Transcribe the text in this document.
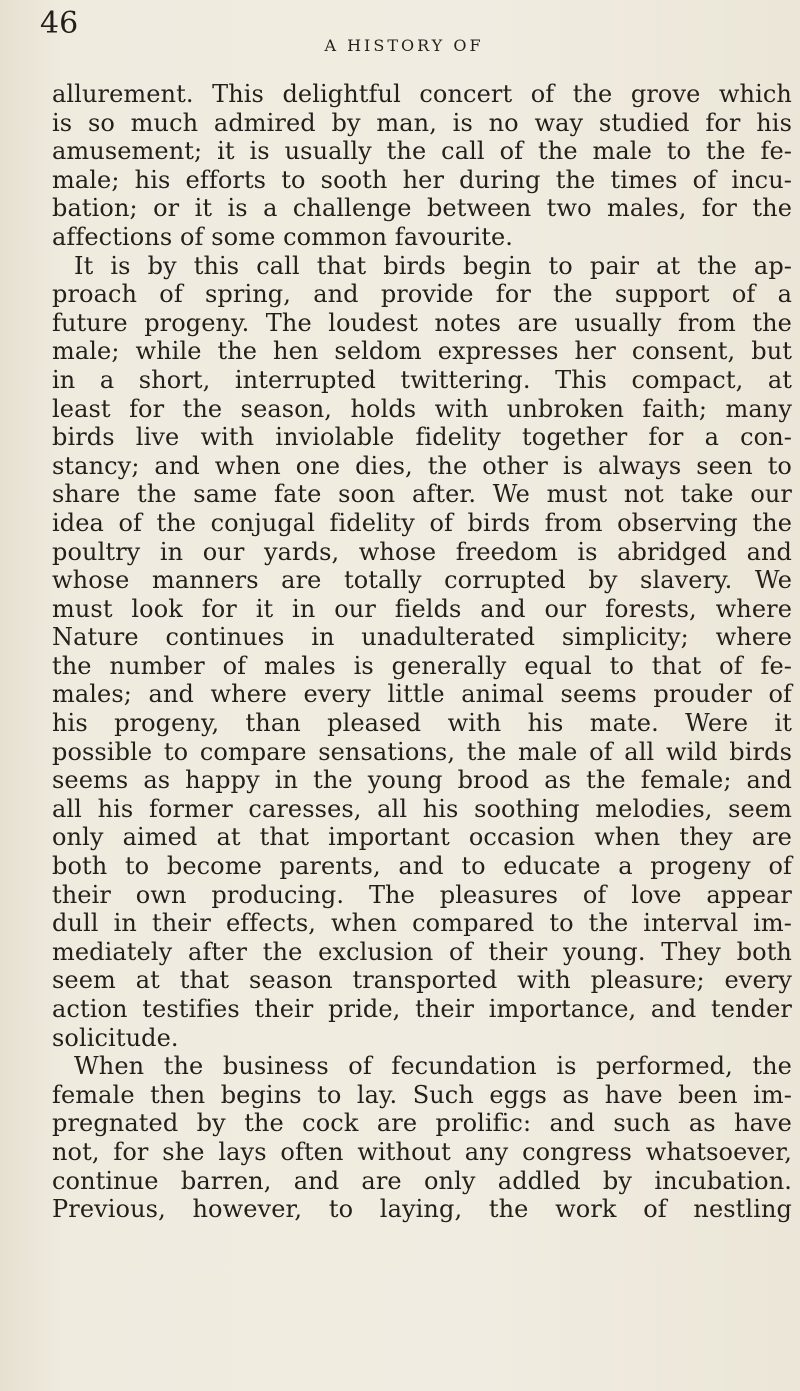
46
A HISTORY OF
allurement. This delightful concert of the grove which
is so much admired by man, is no way studied for his
amusement; it is usually the call of the male to the fe-
male; his efforts to sooth her during the times of incu-
bation; or it is a challenge between two males, for the
affections of some common favourite.
It is by this call that birds begin to pair at the ap-
proach of spring, and provide for the support of a
future progeny. The loudest notes are usually from the
male; while the hen seldom expresses her consent, but
in a short, interrupted twittering. This compact, at
least for the season, holds with unbroken faith; many
birds live with inviolable fidelity together for a con-
stancy; and when one dies, the other is always seen to
share the same fate soon after. We must not take our
idea of the conjugal fidelity of birds from observing the
poultry in our yards, whose freedom is abridged and
whose manners are totally corrupted by slavery. We
must look for it in our fields and our forests, where
Nature continues in unadulterated simplicity; where
the number of males is generally equal to that of fe-
males; and where every little animal seems prouder of
his progeny, than pleased with his mate. Were it
possible to compare sensations, the male of all wild birds
seems as happy in the young brood as the female; and
all his former caresses, all his soothing melodies, seem
only aimed at that important occasion when they are
both to become parents, and to educate a progeny of
their own producing. The pleasures of love appear
dull in their effects, when compared to the interval im-
mediately after the exclusion of their young. They both
seem at that season transported with pleasure; every
action testifies their pride, their importance, and tender
solicitude.
When the business of fecundation is performed, the
female then begins to lay. Such eggs as have been im-
pregnated by the cock are prolific: and such as have
not, for she lays often without any congress whatsoever,
continue barren, and are only addled by incubation.
Previous, however, to laying, the work of nestling
